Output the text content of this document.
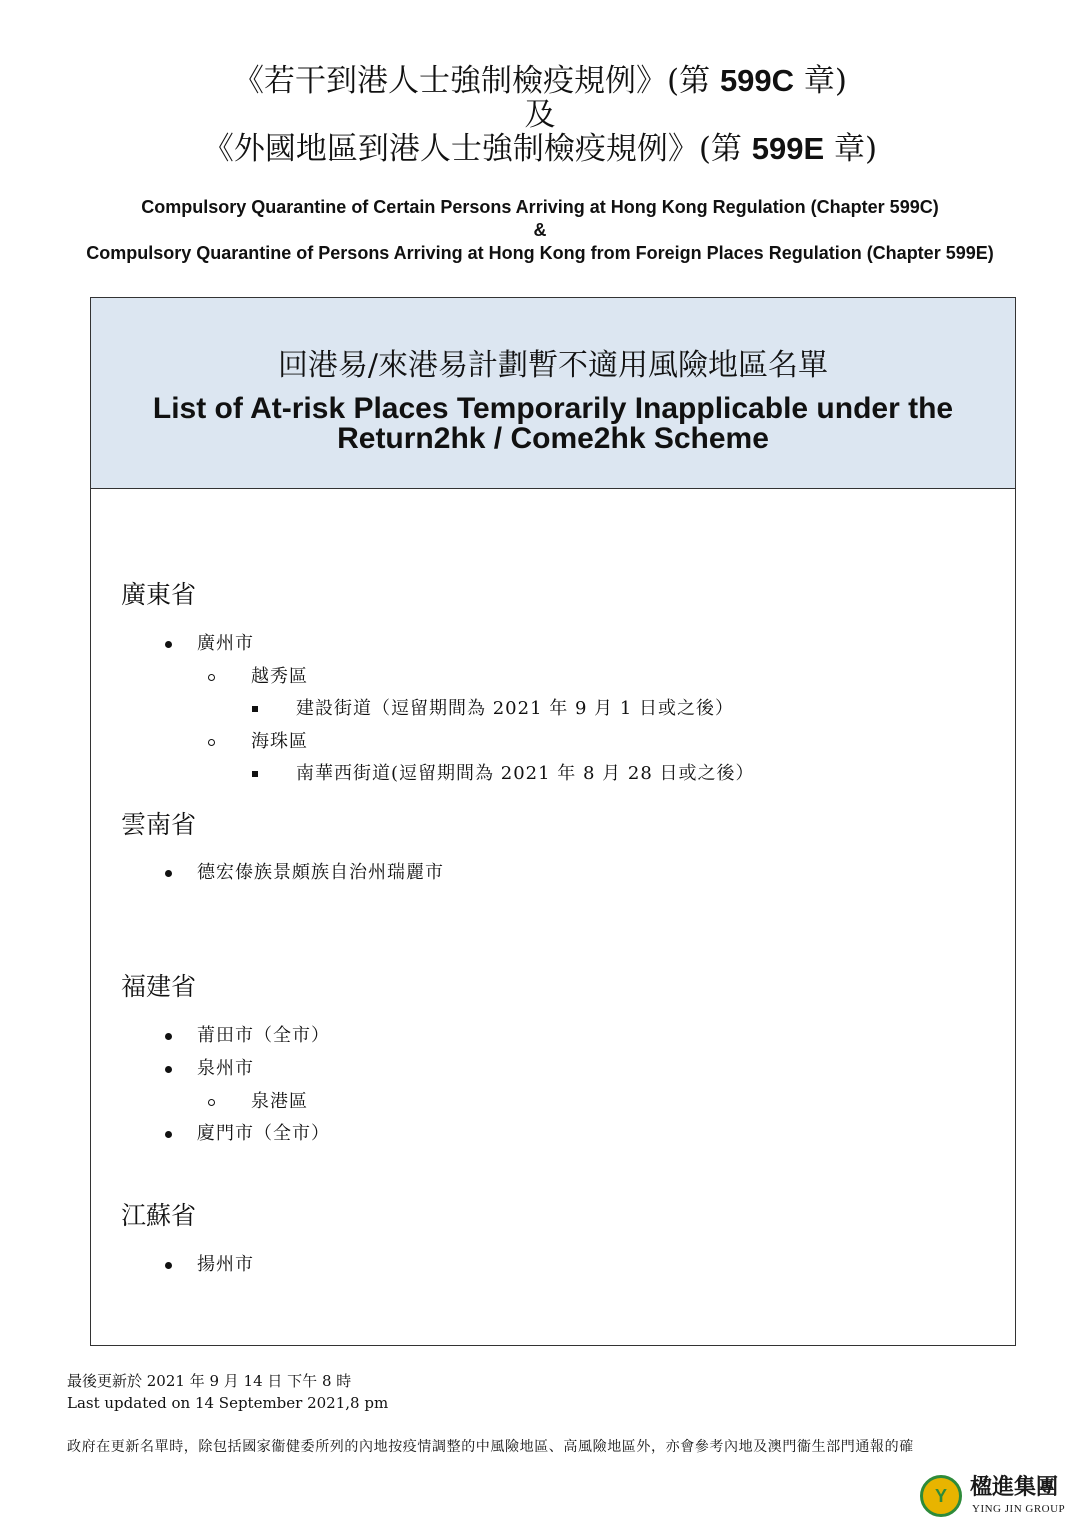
《若干到港人士強制檢疫規例》(第 599C 章)
及
《外國地區到港人士強制檢疫規例》(第 599E 章)
Compulsory Quarantine of Certain Persons Arriving at Hong Kong Regulation (Chapter 599C)
&
Compulsory Quarantine of Persons Arriving at Hong Kong from Foreign Places Regulation (Chapter 599E)
回港易/來港易計劃暫不適用風險地區名單
List of At-risk Places Temporarily Inapplicable under the
Return2hk / Come2hk Scheme
廣東省
廣州市
越秀區
建設街道（逗留期間為 2021 年 9 月 1 日或之後）
海珠區
南華西街道(逗留期間為 2021 年 8 月 28 日或之後）
雲南省
德宏傣族景頗族自治州瑞麗市
福建省
莆田市（全市）
泉州市
泉港區
廈門市（全市）
江蘇省
揚州市
最後更新於 2021 年 9 月 14 日 下午 8 時
Last updated on 14 September 2021,8 pm
政府在更新名單時，除包括國家衞健委所列的內地按疫情調整的中風險地區、高風險地區外，亦會參考內地及澳門衞生部門通報的確
Y 楹進集團
YING JIN GROUP
